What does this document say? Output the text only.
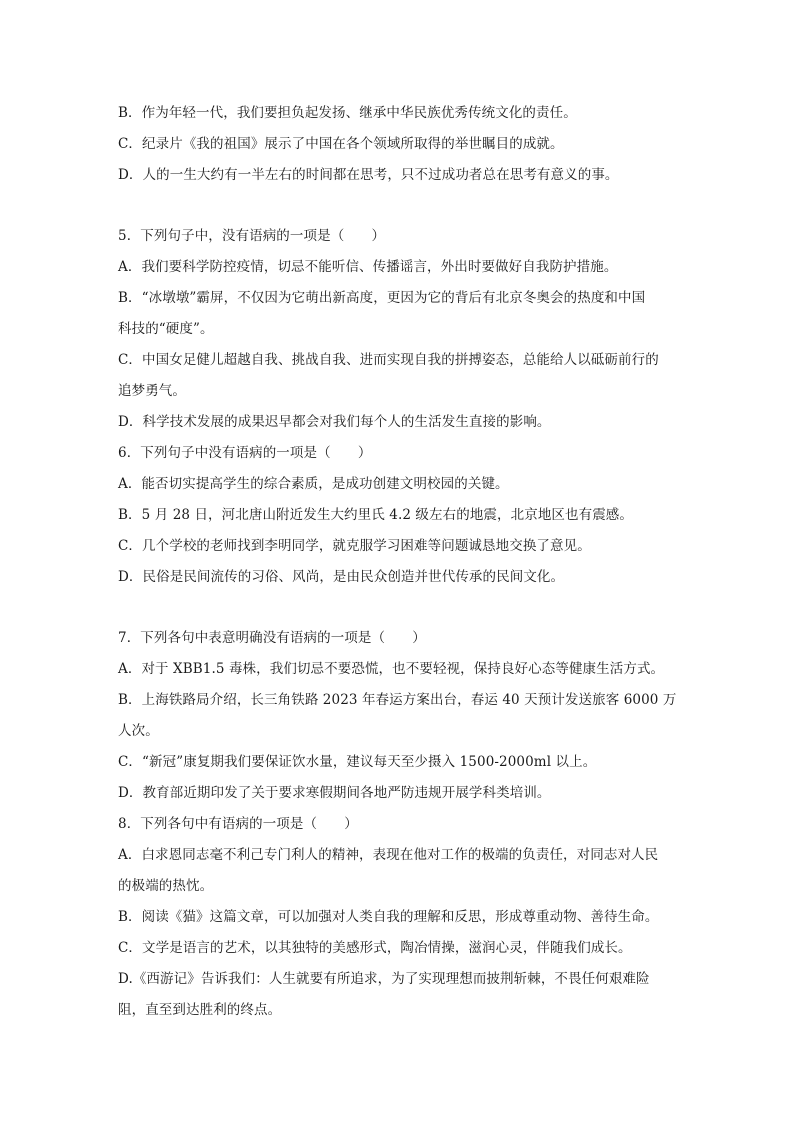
B．作为年轻一代，我们要担负起发扬、继承中华民族优秀传统文化的责任。
C．纪录片《我的祖国》展示了中国在各个领域所取得的举世瞩目的成就。
D．人的一生大约有一半左右的时间都在思考，只不过成功者总在思考有意义的事。
5．下列句子中，没有语病的一项是（　　）
A．我们要科学防控疫情，切忌不能听信、传播谣言，外出时要做好自我防护措施。
B．“冰墩墩”霸屏，不仅因为它萌出新高度，更因为它的背后有北京冬奥会的热度和中国
科技的“硬度”。
C．中国女足健儿超越自我、挑战自我、进而实现自我的拼搏姿态，总能给人以砥砺前行的
追梦勇气。
D．科学技术发展的成果迟早都会对我们每个人的生活发生直接的影响。
6．下列句子中没有语病的一项是（　　）
A．能否切实提高学生的综合素质，是成功创建文明校园的关键。
B．5 月 28 日，河北唐山附近发生大约里氏 4.2 级左右的地震，北京地区也有震感。
C．几个学校的老师找到李明同学，就克服学习困难等问题诚恳地交换了意见。
D．民俗是民间流传的习俗、风尚，是由民众创造并世代传承的民间文化。
7．下列各句中表意明确没有语病的一项是（　　）
A．对于 XBB1.5 毒株，我们切忌不要恐慌，也不要轻视，保持良好心态等健康生活方式。
B．上海铁路局介绍，长三角铁路 2023 年春运方案出台，春运 40 天预计发送旅客 6000 万
人次。
C．“新冠”康复期我们要保证饮水量，建议每天至少摄入 1500-2000ml 以上。
D．教育部近期印发了关于要求寒假期间各地严防违规开展学科类培训。
8．下列各句中有语病的一项是（　　）
A．白求恩同志毫不利己专门利人的精神，表现在他对工作的极端的负责任，对同志对人民
的极端的热忱。
B．阅读《猫》这篇文章，可以加强对人类自我的理解和反思，形成尊重动物、善待生命。
C．文学是语言的艺术，以其独特的美感形式，陶冶情操，滋润心灵，伴随我们成长。
D.《西游记》告诉我们：人生就要有所追求，为了实现理想而披荆斩棘，不畏任何艰难险
阻，直至到达胜利的终点。
